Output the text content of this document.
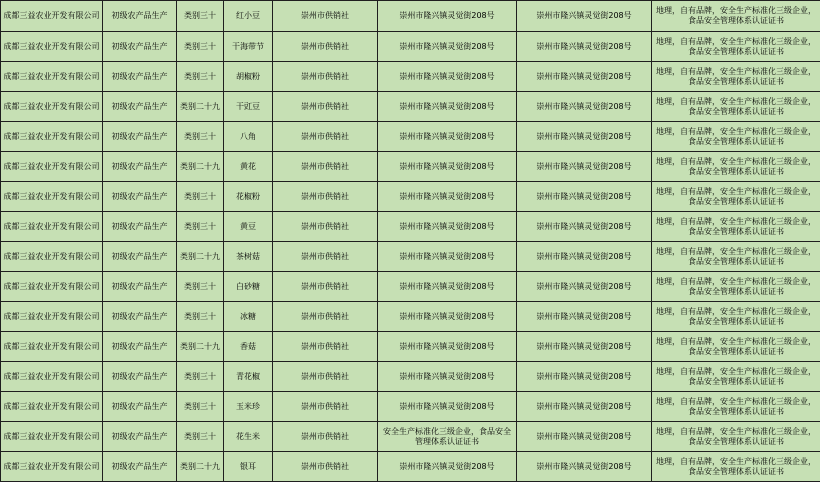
成都三益农业开发有限公司	初级农产品生产	类别三十	红小豆	崇州市供销社	崇州市隆兴镇灵觉街208号	崇州市隆兴镇灵觉街208号	地理，自有品牌，安全生产标准化三级企业，食品安全管理体系认证证书
成都三益农业开发有限公司	初级农产品生产	类别三十	干海带节	崇州市供销社	崇州市隆兴镇灵觉街208号	崇州市隆兴镇灵觉街208号	地理，自有品牌，安全生产标准化三级企业，食品安全管理体系认证证书
成都三益农业开发有限公司	初级农产品生产	类别三十	胡椒粉	崇州市供销社	崇州市隆兴镇灵觉街208号	崇州市隆兴镇灵觉街208号	地理，自有品牌，安全生产标准化三级企业，食品安全管理体系认证证书
成都三益农业开发有限公司	初级农产品生产	类别二十九	干豇豆	崇州市供销社	崇州市隆兴镇灵觉街208号	崇州市隆兴镇灵觉街208号	地理，自有品牌，安全生产标准化三级企业，食品安全管理体系认证证书
成都三益农业开发有限公司	初级农产品生产	类别三十	八角	崇州市供销社	崇州市隆兴镇灵觉街208号	崇州市隆兴镇灵觉街208号	地理，自有品牌，安全生产标准化三级企业，食品安全管理体系认证证书
成都三益农业开发有限公司	初级农产品生产	类别二十九	黄花	崇州市供销社	崇州市隆兴镇灵觉街208号	崇州市隆兴镇灵觉街208号	地理，自有品牌，安全生产标准化三级企业，食品安全管理体系认证证书
成都三益农业开发有限公司	初级农产品生产	类别三十	花椒粉	崇州市供销社	崇州市隆兴镇灵觉街208号	崇州市隆兴镇灵觉街208号	地理，自有品牌，安全生产标准化三级企业，食品安全管理体系认证证书
成都三益农业开发有限公司	初级农产品生产	类别三十	黄豆	崇州市供销社	崇州市隆兴镇灵觉街208号	崇州市隆兴镇灵觉街208号	地理，自有品牌，安全生产标准化三级企业，食品安全管理体系认证证书
成都三益农业开发有限公司	初级农产品生产	类别二十九	茶树菇	崇州市供销社	崇州市隆兴镇灵觉街208号	崇州市隆兴镇灵觉街208号	地理，自有品牌，安全生产标准化三级企业，食品安全管理体系认证证书
成都三益农业开发有限公司	初级农产品生产	类别三十	白砂糖	崇州市供销社	崇州市隆兴镇灵觉街208号	崇州市隆兴镇灵觉街208号	地理，自有品牌，安全生产标准化三级企业，食品安全管理体系认证证书
成都三益农业开发有限公司	初级农产品生产	类别三十	冰糖	崇州市供销社	崇州市隆兴镇灵觉街208号	崇州市隆兴镇灵觉街208号	地理，自有品牌，安全生产标准化三级企业，食品安全管理体系认证证书
成都三益农业开发有限公司	初级农产品生产	类别二十九	香菇	崇州市供销社	崇州市隆兴镇灵觉街208号	崇州市隆兴镇灵觉街208号	地理，自有品牌，安全生产标准化三级企业，食品安全管理体系认证证书
成都三益农业开发有限公司	初级农产品生产	类别三十	青花椒	崇州市供销社	崇州市隆兴镇灵觉街208号	崇州市隆兴镇灵觉街208号	地理，自有品牌，安全生产标准化三级企业，食品安全管理体系认证证书
成都三益农业开发有限公司	初级农产品生产	类别三十	玉米珍	崇州市供销社	崇州市隆兴镇灵觉街208号	崇州市隆兴镇灵觉街208号	地理，自有品牌，安全生产标准化三级企业，食品安全管理体系认证证书
成都三益农业开发有限公司	初级农产品生产	类别三十	花生米	崇州市供销社	安全生产标准化三级企业，食品安全管理体系认证证书	崇州市隆兴镇灵觉街208号	地理，自有品牌，安全生产标准化三级企业，食品安全管理体系认证证书
成都三益农业开发有限公司	初级农产品生产	类别二十九	银耳	崇州市供销社	崇州市隆兴镇灵觉街208号	崇州市隆兴镇灵觉街208号	地理，自有品牌，安全生产标准化三级企业，食品安全管理体系认证证书
